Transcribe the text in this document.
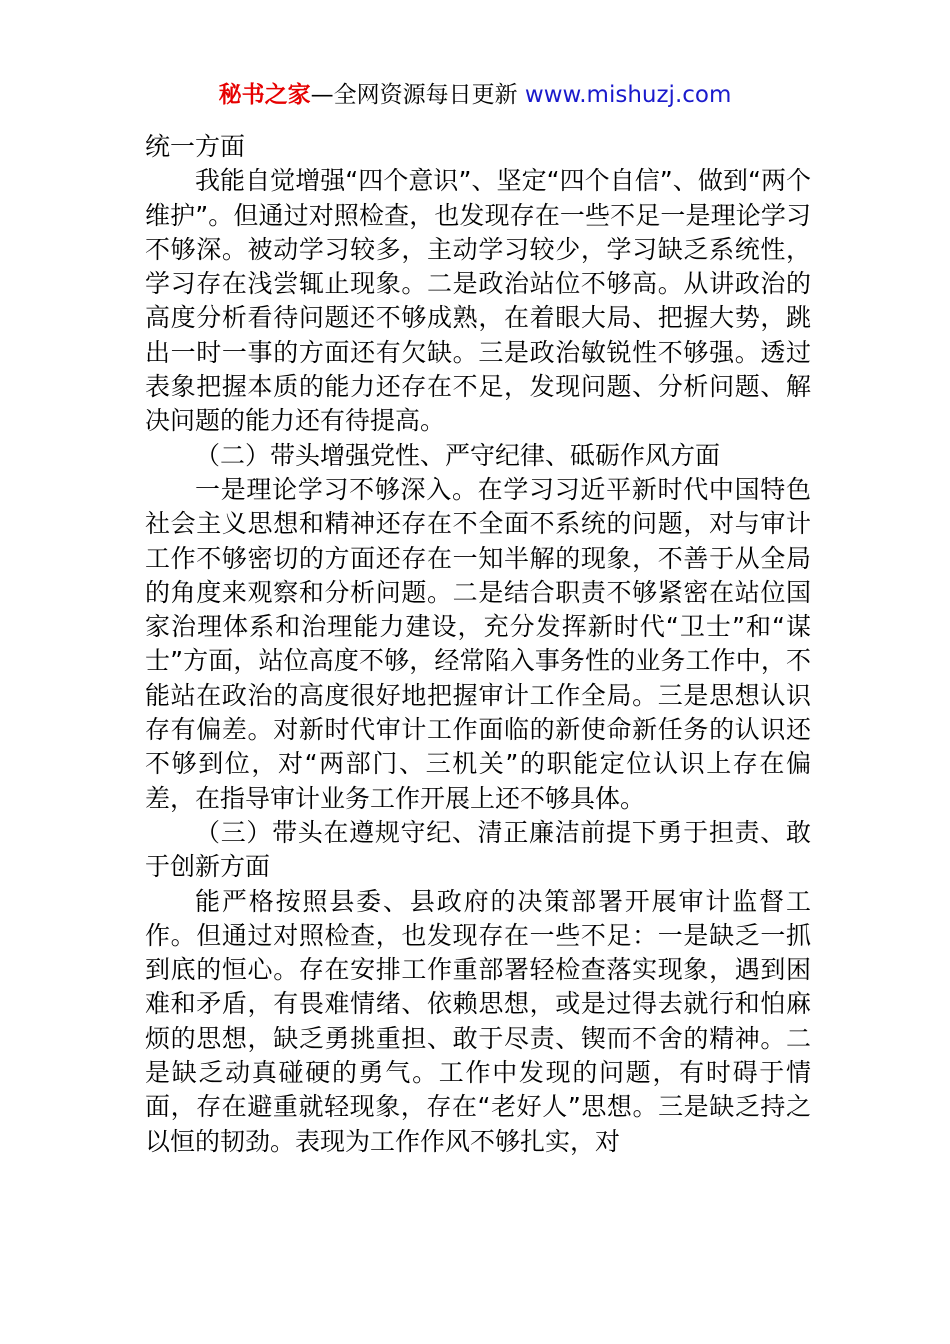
秘书之家—全网资源每日更新 www.mishuzj.com

统一方面

我能自觉增强“四个意识”、坚定“四个自信”、做到“两个维护”。但通过对照检查，也发现存在一些不足一是理论学习不够深。被动学习较多，主动学习较少，学习缺乏系统性，学习存在浅尝辄止现象。二是政治站位不够高。从讲政治的高度分析看待问题还不够成熟，在着眼大局、把握大势，跳出一时一事的方面还有欠缺。三是政治敏锐性不够强。透过表象把握本质的能力还存在不足，发现问题、分析问题、解决问题的能力还有待提高。

（二）带头增强党性、严守纪律、砥砺作风方面

一是理论学习不够深入。在学习习近平新时代中国特色社会主义思想和精神还存在不全面不系统的问题，对与审计工作不够密切的方面还存在一知半解的现象，不善于从全局的角度来观察和分析问题。二是结合职责不够紧密在站位国家治理体系和治理能力建设，充分发挥新时代“卫士”和“谋士”方面，站位高度不够，经常陷入事务性的业务工作中，不能站在政治的高度很好地把握审计工作全局。三是思想认识存有偏差。对新时代审计工作面临的新使命新任务的认识还不够到位，对“两部门、三机关”的职能定位认识上存在偏差，在指导审计业务工作开展上还不够具体。

（三）带头在遵规守纪、清正廉洁前提下勇于担责、敢于创新方面

能严格按照县委、县政府的决策部署开展审计监督工作。但通过对照检查，也发现存在一些不足：一是缺乏一抓到底的恒心。存在安排工作重部署轻检查落实现象，遇到困难和矛盾，有畏难情绪、依赖思想，或是过得去就行和怕麻烦的思想，缺乏勇挑重担、敢于尽责、锲而不舍的精神。二是缺乏动真碰硬的勇气。工作中发现的问题，有时碍于情面，存在避重就轻现象，存在“老好人”思想。三是缺乏持之以恒的韧劲。表现为工作作风不够扎实，对
